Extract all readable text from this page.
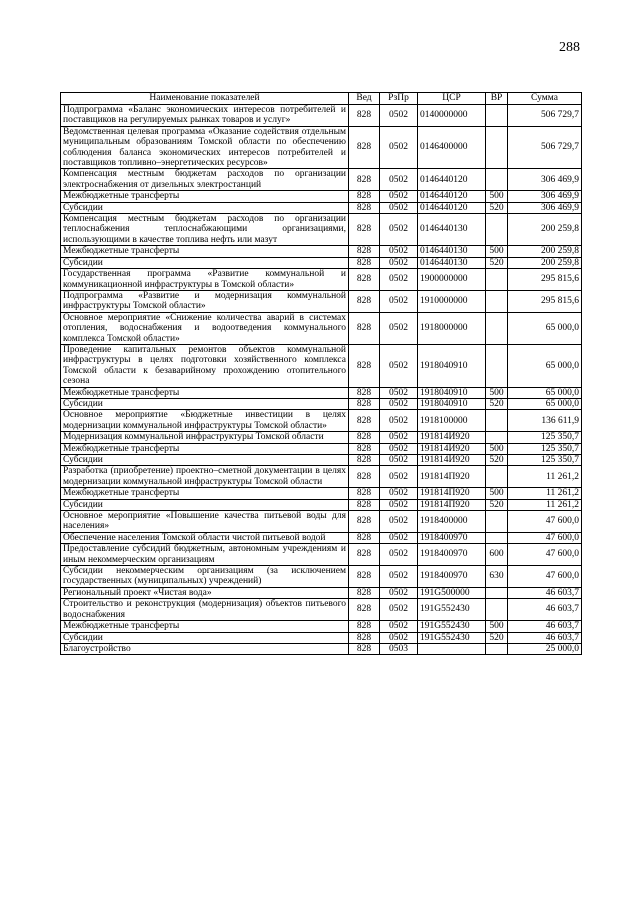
288
Наименование показателей	Вед	РзПр	ЦСР	ВР	Сумма
Подпрограмма «Баланс экономических интересов потребителей и поставщиков на регулируемых рынках товаров и услуг»	828	0502	0140000000		506 729,7
Ведомственная целевая программа «Оказание содействия отдельным муниципальным образованиям Томской области по обеспечению соблюдения баланса экономических интересов потребителей и поставщиков топливно–энергетических ресурсов»	828	0502	0146400000		506 729,7
Компенсация местным бюджетам расходов по организации электроснабжения от дизельных электростанций	828	0502	0146440120		306 469,9
Межбюджетные трансферты	828	0502	0146440120	500	306 469,9
Субсидии	828	0502	0146440120	520	306 469,9
Компенсация местным бюджетам расходов по организации теплоснабжения теплоснабжающими организациями, использующими в качестве топлива нефть или мазут	828	0502	0146440130		200 259,8
Межбюджетные трансферты	828	0502	0146440130	500	200 259,8
Субсидии	828	0502	0146440130	520	200 259,8
Государственная программа «Развитие коммунальной и коммуникационной инфраструктуры в Томской области»	828	0502	1900000000		295 815,6
Подпрограмма «Развитие и модернизация коммунальной инфраструктуры Томской области»	828	0502	1910000000		295 815,6
Основное мероприятие «Снижение количества аварий в системах отопления, водоснабжения и водоотведения коммунального комплекса Томской области»	828	0502	1918000000		65 000,0
Проведение капитальных ремонтов объектов коммунальной инфраструктуры в целях подготовки хозяйственного комплекса Томской области к безаварийному прохождению отопительного сезона	828	0502	1918040910		65 000,0
Межбюджетные трансферты	828	0502	1918040910	500	65 000,0
Субсидии	828	0502	1918040910	520	65 000,0
Основное мероприятие «Бюджетные инвестиции в целях модернизации коммунальной инфраструктуры Томской области»	828	0502	1918100000		136 611,9
Модернизация коммунальной инфраструктуры Томской области	828	0502	191814И920		125 350,7
Межбюджетные трансферты	828	0502	191814И920	500	125 350,7
Субсидии	828	0502	191814И920	520	125 350,7
Разработка (приобретение) проектно–сметной документации в целях модернизации коммунальной инфраструктуры Томской области	828	0502	191814П920		11 261,2
Межбюджетные трансферты	828	0502	191814П920	500	11 261,2
Субсидии	828	0502	191814П920	520	11 261,2
Основное мероприятие «Повышение качества питьевой воды для населения»	828	0502	1918400000		47 600,0
Обеспечение населения Томской области чистой питьевой водой	828	0502	1918400970		47 600,0
Предоставление субсидий бюджетным, автономным учреждениям и иным некоммерческим организациям	828	0502	1918400970	600	47 600,0
Субсидии некоммерческим организациям (за исключением государственных (муниципальных) учреждений)	828	0502	1918400970	630	47 600,0
Региональный проект «Чистая вода»	828	0502	191G500000		46 603,7
Строительство и реконструкция (модернизация) объектов питьевого водоснабжения	828	0502	191G552430		46 603,7
Межбюджетные трансферты	828	0502	191G552430	500	46 603,7
Субсидии	828	0502	191G552430	520	46 603,7
Благоустройство	828	0503			25 000,0
